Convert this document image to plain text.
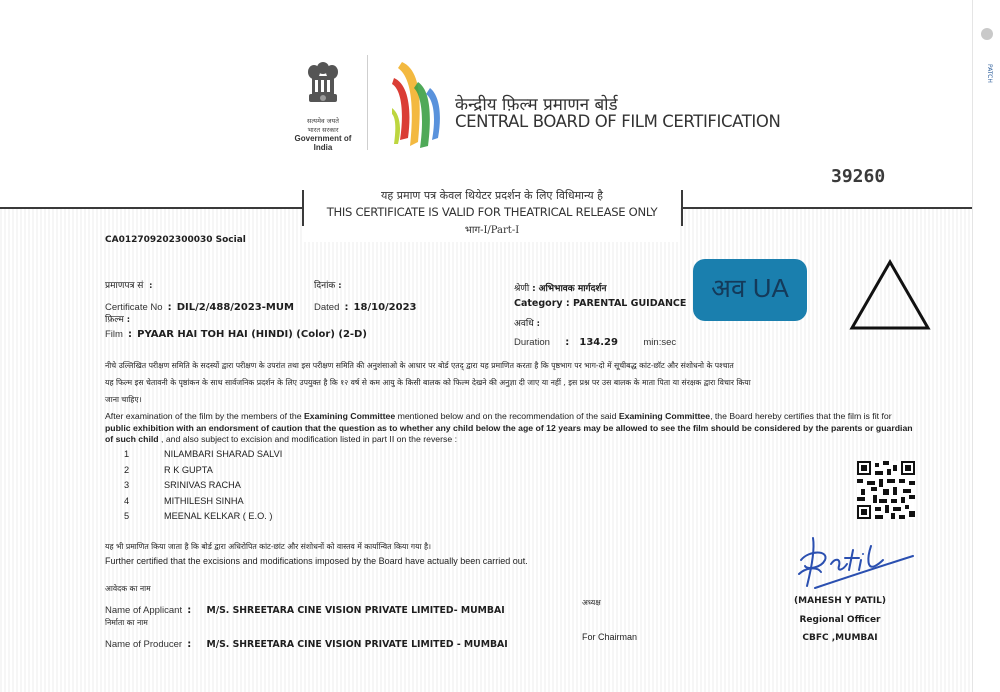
PATCH
सत्यमेव जयते
भारत सरकार
Government of India
केन्द्रीय फ़िल्म प्रमाणन बोर्ड
CENTRAL BOARD OF FILM CERTIFICATION
39260
यह प्रमाण पत्र केवल थियेटर प्रदर्शन के लिए विधिमान्य है
THIS CERTIFICATE IS VALID FOR THEATRICAL RELEASE ONLY
भाग-I/Part-I
CA012709202300030 Social
प्रमाणपत्र सं :
Certificate No : DIL/2/488/2023-MUM
फ़िल्म :
Film : PYAAR HAI TOH HAI (HINDI) (Color) (2-D)
दिनांक :
Dated : 18/10/2023
श्रेणी : अभिभावक मार्गदर्शन
Category : PARENTAL GUIDANCE
अवधि :
Duration : 134.29	min:sec
अव UA
नीचे उल्लिखित परीक्षण समिति के सदस्यों द्वारा परीक्षण के उपरांत तथा इस परीक्षण समिति की अनुशंसाओ के आधार पर बोर्ड एतद् द्वारा यह प्रमाणित करता है कि पृष्ठभाग पर भाग-दो में सूचीबद्ध कांट-छॉट और संशोधनो के पश्चात
यह फिल्म इस चेतावनी के पृष्ठांकन के साथ सार्वजनिक प्रदर्शन के लिए उपयुक्त है कि १२ वर्ष से कम आयु के किसी बालक को फिल्म देखने की अनुज्ञा दी जाए या नहीं , इस प्रश्न पर उस बालक के माता पिता या संरक्षक द्वारा विचार किया
जाना चाहिए।
After examination of the film by the members of the Examining Committee mentioned below and on the recommendation of the said Examining Committee, the Board hereby certifies that the film is fit for public exhibition with an endorsment of caution that the question as to whether any child below the age of 12 years may be allowed to see the film should be considered by the parents or guardian of such child , and also subject to excision and modification listed in part II on the reverse :
1	NILAMBARI SHARAD SALVI
2	R K GUPTA
3	SRINIVAS RACHA
4	MITHILESH SINHA
5	MEENAL KELKAR ( E.O. )
यह भी प्रमाणित किया जाता है कि बोर्ड द्वारा अधिरोपित कांट-छांट और संशोधनों को वास्तव में कार्यान्वित किया गया है।
Further certified that the excisions and modifications imposed by the Board have actually been carried out.
आवेदक का नाम
Name of Applicant : M/S. SHREETARA CINE VISION PRIVATE LIMITED- MUMBAI
निर्माता का नाम
Name of Producer : M/S. SHREETARA CINE VISION PRIVATE LIMITED - MUMBAI
अध्यक्ष
For Chairman
(MAHESH Y PATIL)
Regional Officer
CBFC ,MUMBAI
